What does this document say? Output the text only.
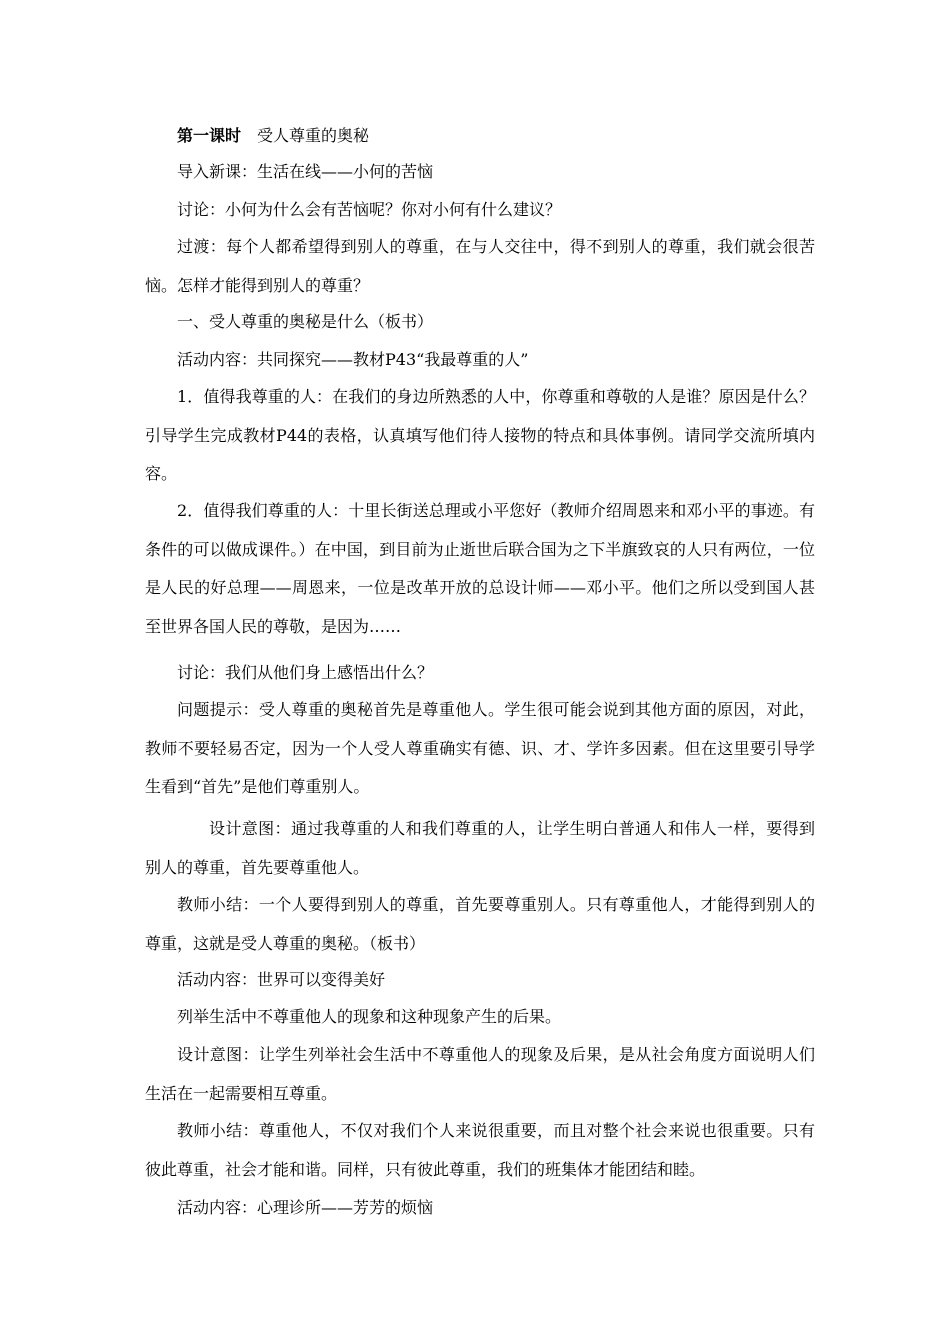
第一课时 受人尊重的奥秘

导入新课：生活在线——小何的苦恼

讨论：小何为什么会有苦恼呢？你对小何有什么建议？

过渡：每个人都希望得到别人的尊重，在与人交往中，得不到别人的尊重，我们就会很苦恼。怎样才能得到别人的尊重？

一、受人尊重的奥秘是什么（板书）

活动内容：共同探究——教材P43“我最尊重的人”

1．值得我尊重的人：在我们的身边所熟悉的人中，你尊重和尊敬的人是谁？原因是什么？引导学生完成教材P44的表格，认真填写他们待人接物的特点和具体事例。请同学交流所填内容。

2．值得我们尊重的人：十里长街送总理或小平您好（教师介绍周恩来和邓小平的事迹。有条件的可以做成课件。）在中国，到目前为止逝世后联合国为之下半旗致哀的人只有两位，一位是人民的好总理——周恩来，一位是改革开放的总设计师——邓小平。他们之所以受到国人甚至世界各国人民的尊敬，是因为……

讨论：我们从他们身上感悟出什么？

问题提示：受人尊重的奥秘首先是尊重他人。学生很可能会说到其他方面的原因，对此，教师不要轻易否定，因为一个人受人尊重确实有德、识、才、学许多因素。但在这里要引导学生看到“首先”是他们尊重别人。

设计意图：通过我尊重的人和我们尊重的人，让学生明白普通人和伟人一样，要得到别人的尊重，首先要尊重他人。

教师小结：一个人要得到别人的尊重，首先要尊重别人。只有尊重他人，才能得到别人的尊重，这就是受人尊重的奥秘。（板书）

活动内容：世界可以变得美好

列举生活中不尊重他人的现象和这种现象产生的后果。

设计意图：让学生列举社会生活中不尊重他人的现象及后果，是从社会角度方面说明人们生活在一起需要相互尊重。

教师小结：尊重他人，不仅对我们个人来说很重要，而且对整个社会来说也很重要。只有彼此尊重，社会才能和谐。同样，只有彼此尊重，我们的班集体才能团结和睦。

活动内容：心理诊所——芳芳的烦恼
